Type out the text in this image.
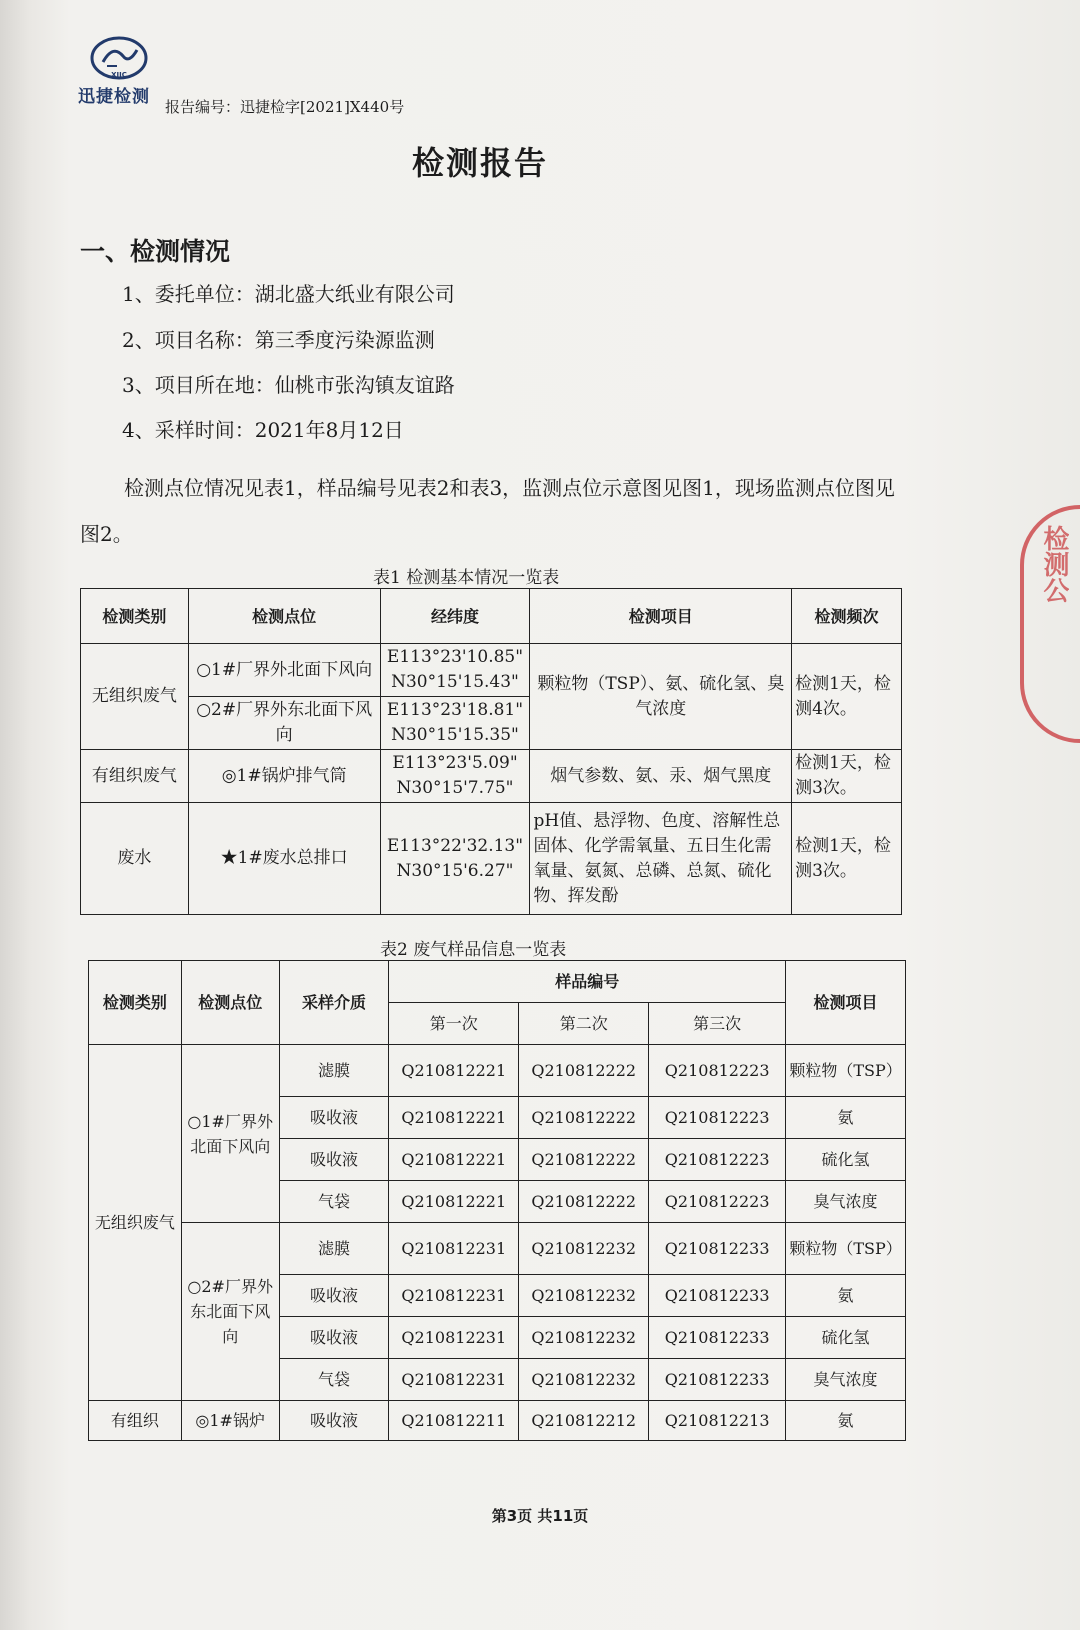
XJJC
迅捷检测	报告编号：迅捷检字[2021]X440号
检测报告
一、检测情况
1、委托单位：湖北盛大纸业有限公司
2、项目名称：第三季度污染源监测
3、项目所在地：仙桃市张沟镇友谊路
4、采样时间：2021年8月12日
检测点位情况见表1，样品编号见表2和表3，监测点位示意图见图1，现场监测点位图见图2。
表1 检测基本情况一览表
检测类别	检测点位	经纬度	检测项目	检测频次
无组织废气	○1#厂界外北面下风向	E113°23'10.85"
N30°15'15.43"	颗粒物（TSP）、氨、硫化氢、臭气浓度	检测1天，检测4次。
	○2#厂界外东北面下风向	E113°23'18.81"
N30°15'15.35"		
有组织废气	◎1#锅炉排气筒	E113°23'5.09"
N30°15'7.75"	烟气参数、氨、汞、烟气黑度	检测1天，检测3次。
废水	★1#废水总排口	E113°22'32.13"
N30°15'6.27"	pH值、悬浮物、色度、溶解性总固体、化学需氧量、五日生化需氧量、氨氮、总磷、总氮、硫化物、挥发酚	检测1天，检测3次。
表2 废气样品信息一览表
检测类别	检测点位	采样介质	样品编号			检测项目
			第一次	第二次	第三次	
无组织废气	○1#厂界外北面下风向	滤膜	Q210812221	Q210812222	Q210812223	颗粒物（TSP）
		吸收液	Q210812221	Q210812222	Q210812223	氨
		吸收液	Q210812221	Q210812222	Q210812223	硫化氢
		气袋	Q210812221	Q210812222	Q210812223	臭气浓度
	○2#厂界外东北面下风向	滤膜	Q210812231	Q210812232	Q210812233	颗粒物（TSP）
		吸收液	Q210812231	Q210812232	Q210812233	氨
		吸收液	Q210812231	Q210812232	Q210812233	硫化氢
		气袋	Q210812231	Q210812232	Q210812233	臭气浓度
有组织	◎1#锅炉	吸收液	Q210812211	Q210812212	Q210812213	氨
第3页 共11页
检测公
